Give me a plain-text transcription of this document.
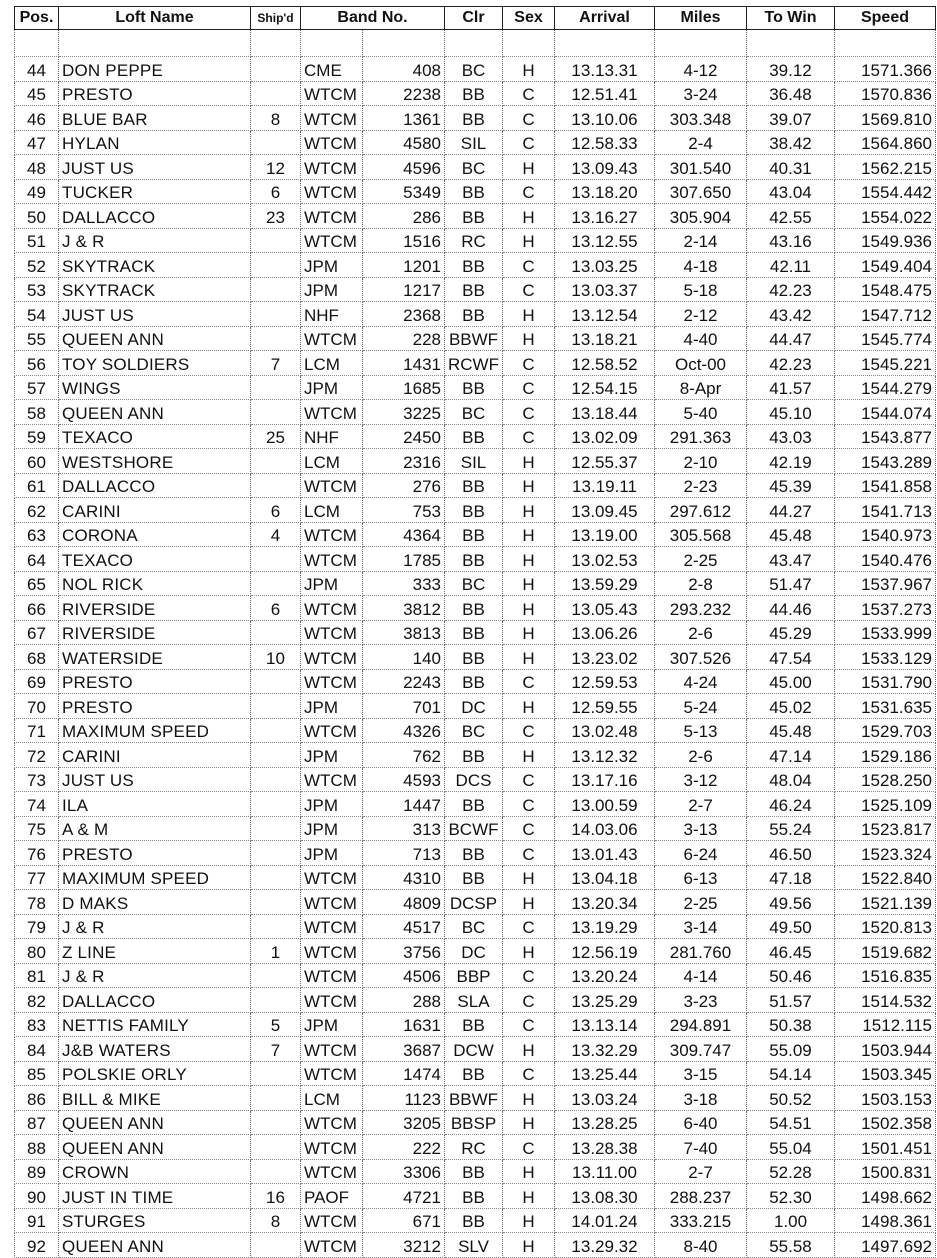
Pos.	Loft Name	Ship'd	Band No.		Clr	Sex	Arrival	Miles	To Win	Speed

44	DON PEPPE		CME	408	BC	H	13.13.31	4-12	39.12	1571.366
45	PRESTO		WTCM	2238	BB	C	12.51.41	3-24	36.48	1570.836
46	BLUE BAR	8	WTCM	1361	BB	C	13.10.06	303.348	39.07	1569.810
47	HYLAN		WTCM	4580	SIL	C	12.58.33	2-4	38.42	1564.860
48	JUST US	12	WTCM	4596	BC	H	13.09.43	301.540	40.31	1562.215
49	TUCKER	6	WTCM	5349	BB	C	13.18.20	307.650	43.04	1554.442
50	DALLACCO	23	WTCM	286	BB	H	13.16.27	305.904	42.55	1554.022
51	J & R		WTCM	1516	RC	H	13.12.55	2-14	43.16	1549.936
52	SKYTRACK		JPM	1201	BB	C	13.03.25	4-18	42.11	1549.404
53	SKYTRACK		JPM	1217	BB	C	13.03.37	5-18	42.23	1548.475
54	JUST US		NHF	2368	BB	H	13.12.54	2-12	43.42	1547.712
55	QUEEN ANN		WTCM	228	BBWF	H	13.18.21	4-40	44.47	1545.774
56	TOY SOLDIERS	7	LCM	1431	RCWF	C	12.58.52	Oct-00	42.23	1545.221
57	WINGS		JPM	1685	BB	C	12.54.15	8-Apr	41.57	1544.279
58	QUEEN ANN		WTCM	3225	BC	C	13.18.44	5-40	45.10	1544.074
59	TEXACO	25	NHF	2450	BB	C	13.02.09	291.363	43.03	1543.877
60	WESTSHORE		LCM	2316	SIL	H	12.55.37	2-10	42.19	1543.289
61	DALLACCO		WTCM	276	BB	H	13.19.11	2-23	45.39	1541.858
62	CARINI	6	LCM	753	BB	H	13.09.45	297.612	44.27	1541.713
63	CORONA	4	WTCM	4364	BB	H	13.19.00	305.568	45.48	1540.973
64	TEXACO		WTCM	1785	BB	H	13.02.53	2-25	43.47	1540.476
65	NOL RICK		JPM	333	BC	H	13.59.29	2-8	51.47	1537.967
66	RIVERSIDE	6	WTCM	3812	BB	H	13.05.43	293.232	44.46	1537.273
67	RIVERSIDE		WTCM	3813	BB	H	13.06.26	2-6	45.29	1533.999
68	WATERSIDE	10	WTCM	140	BB	H	13.23.02	307.526	47.54	1533.129
69	PRESTO		WTCM	2243	BB	C	12.59.53	4-24	45.00	1531.790
70	PRESTO		JPM	701	DC	H	12.59.55	5-24	45.02	1531.635
71	MAXIMUM SPEED		WTCM	4326	BC	C	13.02.48	5-13	45.48	1529.703
72	CARINI		JPM	762	BB	H	13.12.32	2-6	47.14	1529.186
73	JUST US		WTCM	4593	DCS	C	13.17.16	3-12	48.04	1528.250
74	ILA		JPM	1447	BB	C	13.00.59	2-7	46.24	1525.109
75	A & M		JPM	313	BCWF	C	14.03.06	3-13	55.24	1523.817
76	PRESTO		JPM	713	BB	C	13.01.43	6-24	46.50	1523.324
77	MAXIMUM SPEED		WTCM	4310	BB	H	13.04.18	6-13	47.18	1522.840
78	D MAKS		WTCM	4809	DCSP	H	13.20.34	2-25	49.56	1521.139
79	J & R		WTCM	4517	BC	C	13.19.29	3-14	49.50	1520.813
80	Z LINE	1	WTCM	3756	DC	H	12.56.19	281.760	46.45	1519.682
81	J & R		WTCM	4506	BBP	C	13.20.24	4-14	50.46	1516.835
82	DALLACCO		WTCM	288	SLA	C	13.25.29	3-23	51.57	1514.532
83	NETTIS FAMILY	5	JPM	1631	BB	C	13.13.14	294.891	50.38	1512.115
84	J&B WATERS	7	WTCM	3687	DCW	H	13.32.29	309.747	55.09	1503.944
85	POLSKIE ORLY		WTCM	1474	BB	C	13.25.44	3-15	54.14	1503.345
86	BILL & MIKE		LCM	1123	BBWF	H	13.03.24	3-18	50.52	1503.153
87	QUEEN ANN		WTCM	3205	BBSP	H	13.28.25	6-40	54.51	1502.358
88	QUEEN ANN		WTCM	222	RC	C	13.28.38	7-40	55.04	1501.451
89	CROWN		WTCM	3306	BB	H	13.11.00	2-7	52.28	1500.831
90	JUST IN TIME	16	PAOF	4721	BB	H	13.08.30	288.237	52.30	1498.662
91	STURGES	8	WTCM	671	BB	H	14.01.24	333.215	1.00	1498.361
92	QUEEN ANN		WTCM	3212	SLV	H	13.29.32	8-40	55.58	1497.692
